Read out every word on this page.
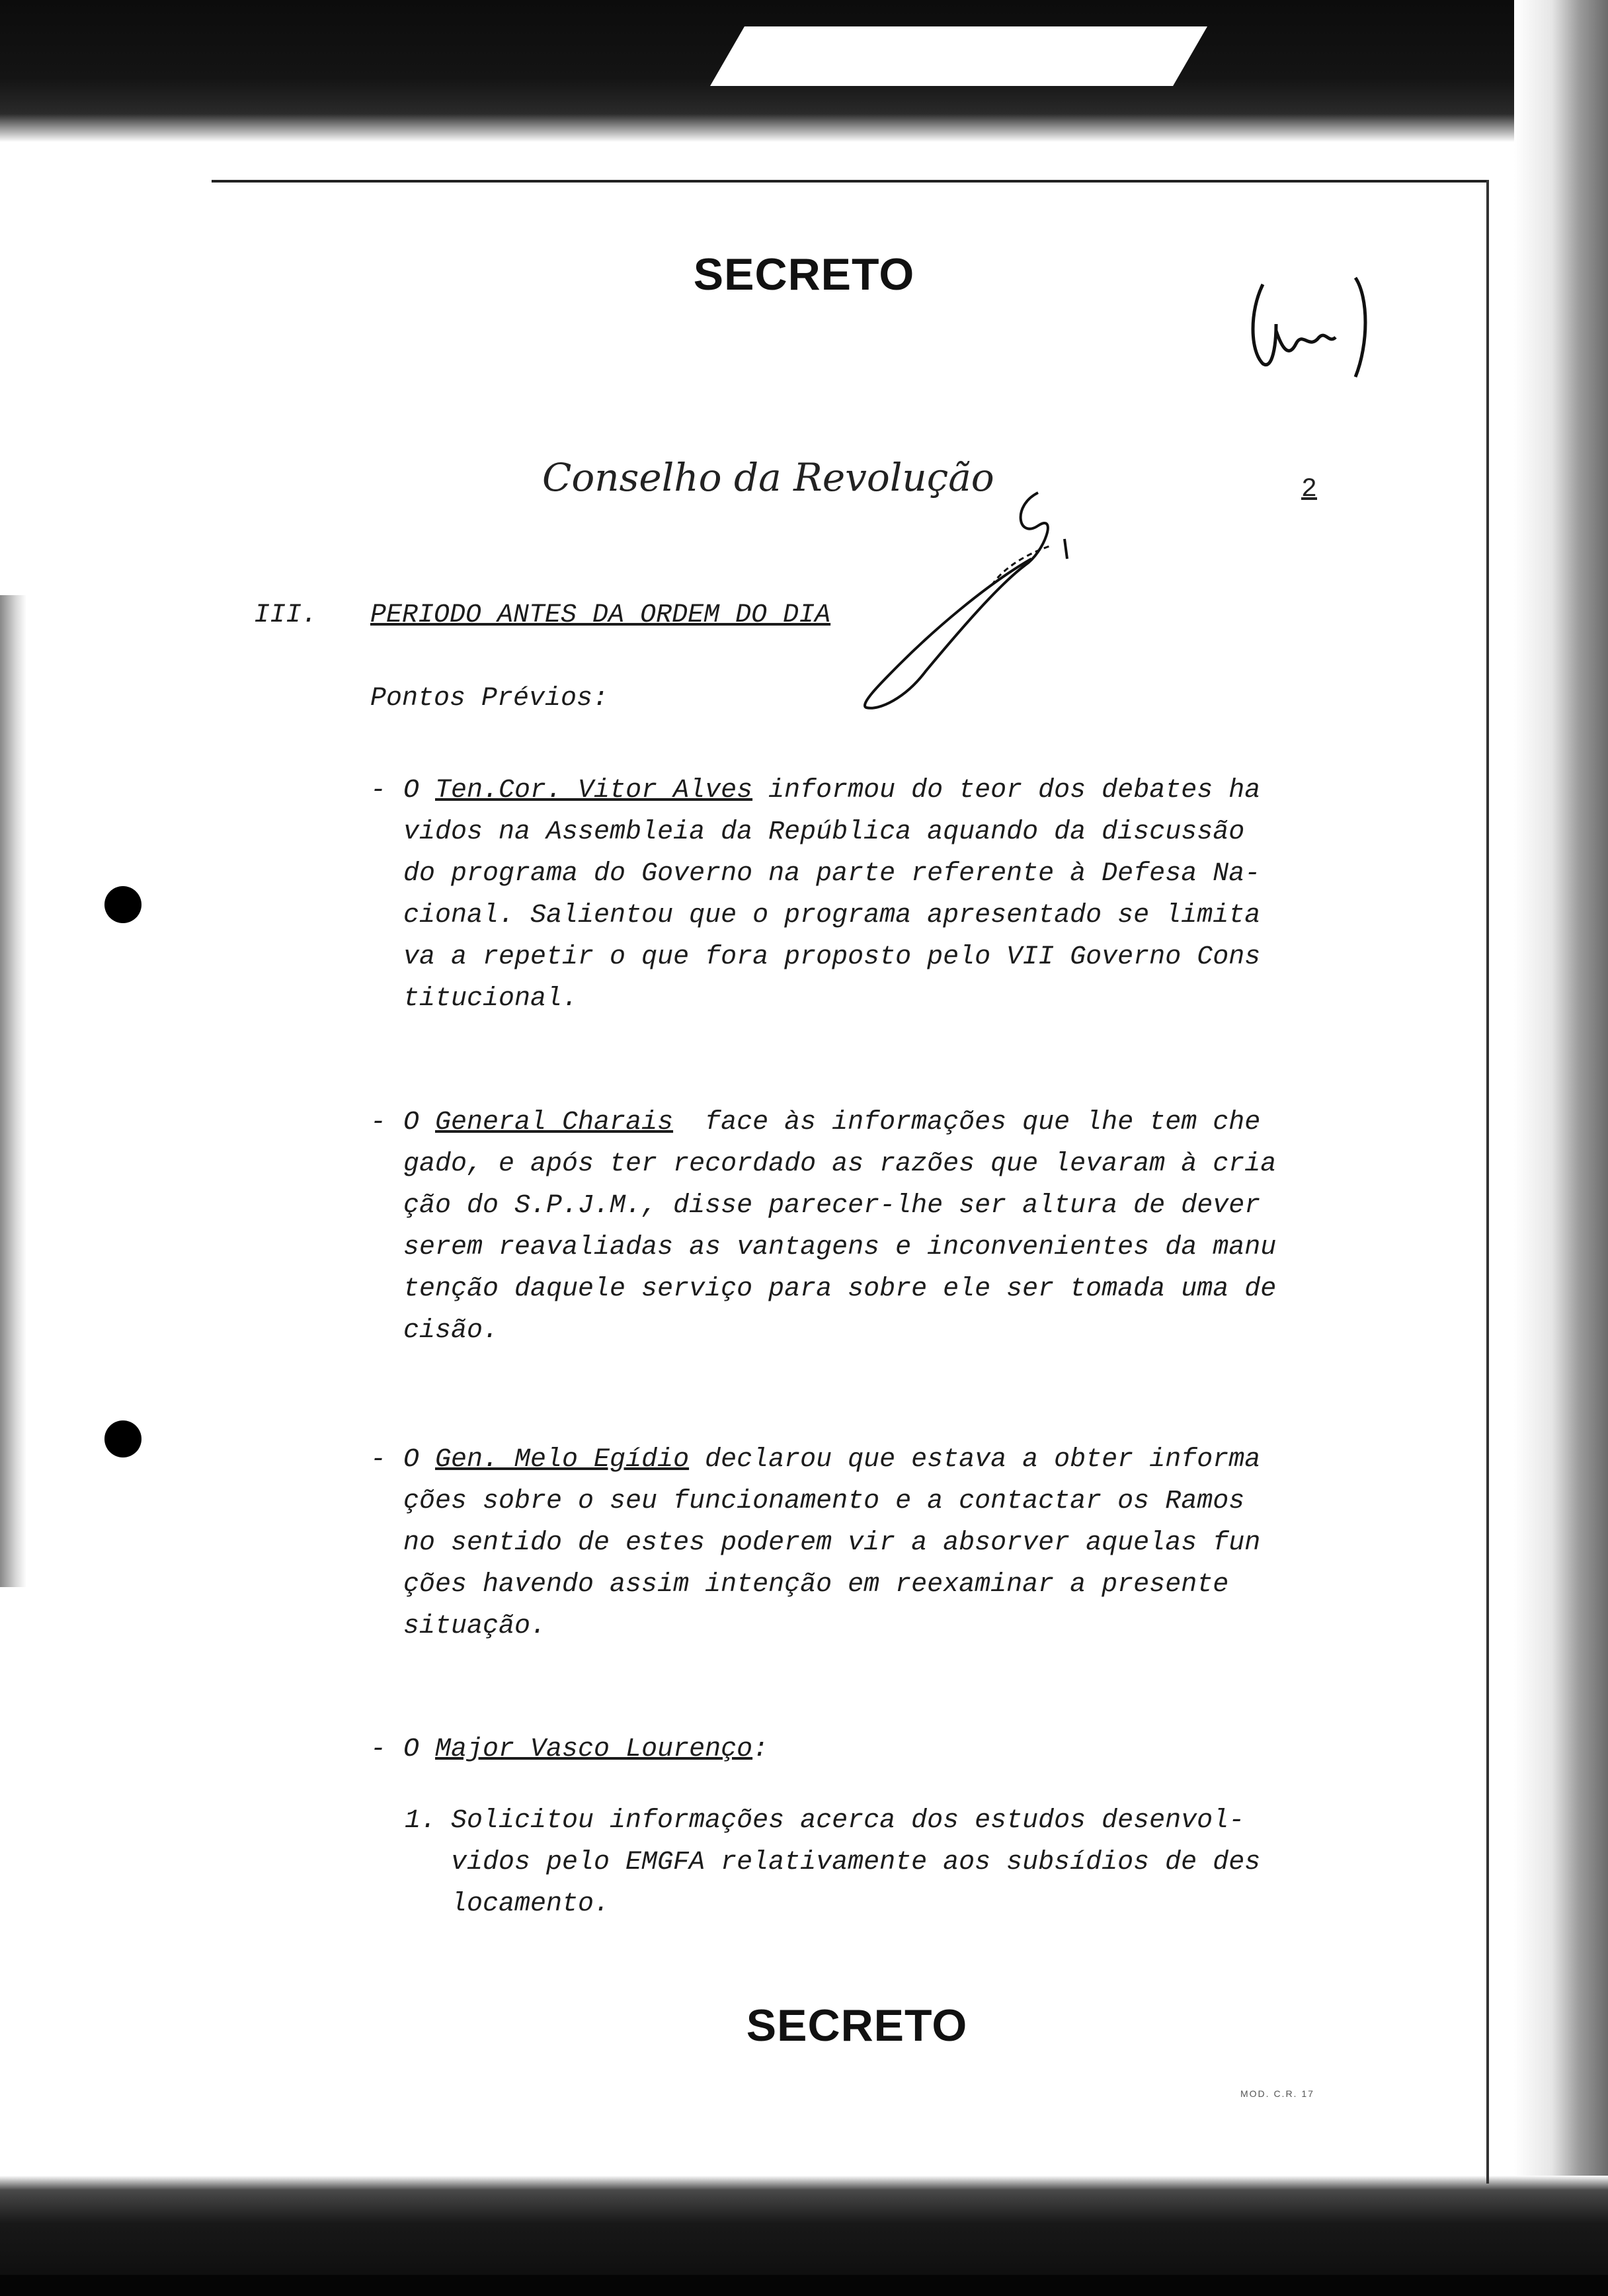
SECRETO
SECRETO
Conselho da Revolução	2
III. PERIODO ANTES DA ORDEM DO DIA
Pontos Prévios:
- O Ten.Cor. Vitor Alves informou do teor dos debates ha
vidos na Assembleia da República aquando da discussão
do programa do Governo na parte referente à Defesa Na-
cional. Salientou que o programa apresentado se limita
va a repetir o que fora proposto pelo VII Governo Cons
titucional.
- O General Charais  face às informações que lhe tem che
gado, e após ter recordado as razões que levaram à cria
ção do S.P.J.M., disse parecer-lhe ser altura de dever
serem reavaliadas as vantagens e inconvenientes da manu
tenção daquele serviço para sobre ele ser tomada uma de
cisão.
- O Gen. Melo Egídio declarou que estava a obter informa
ções sobre o seu funcionamento e a contactar os Ramos
no sentido de estes poderem vir a absorver aquelas fun
ções havendo assim intenção em reexaminar a presente
situação.
- O Major Vasco Lourenço:
1. Solicitou informações acerca dos estudos desenvol-
vidos pelo EMGFA relativamente aos subsídios de des
locamento.
MOD. C.R. 17
